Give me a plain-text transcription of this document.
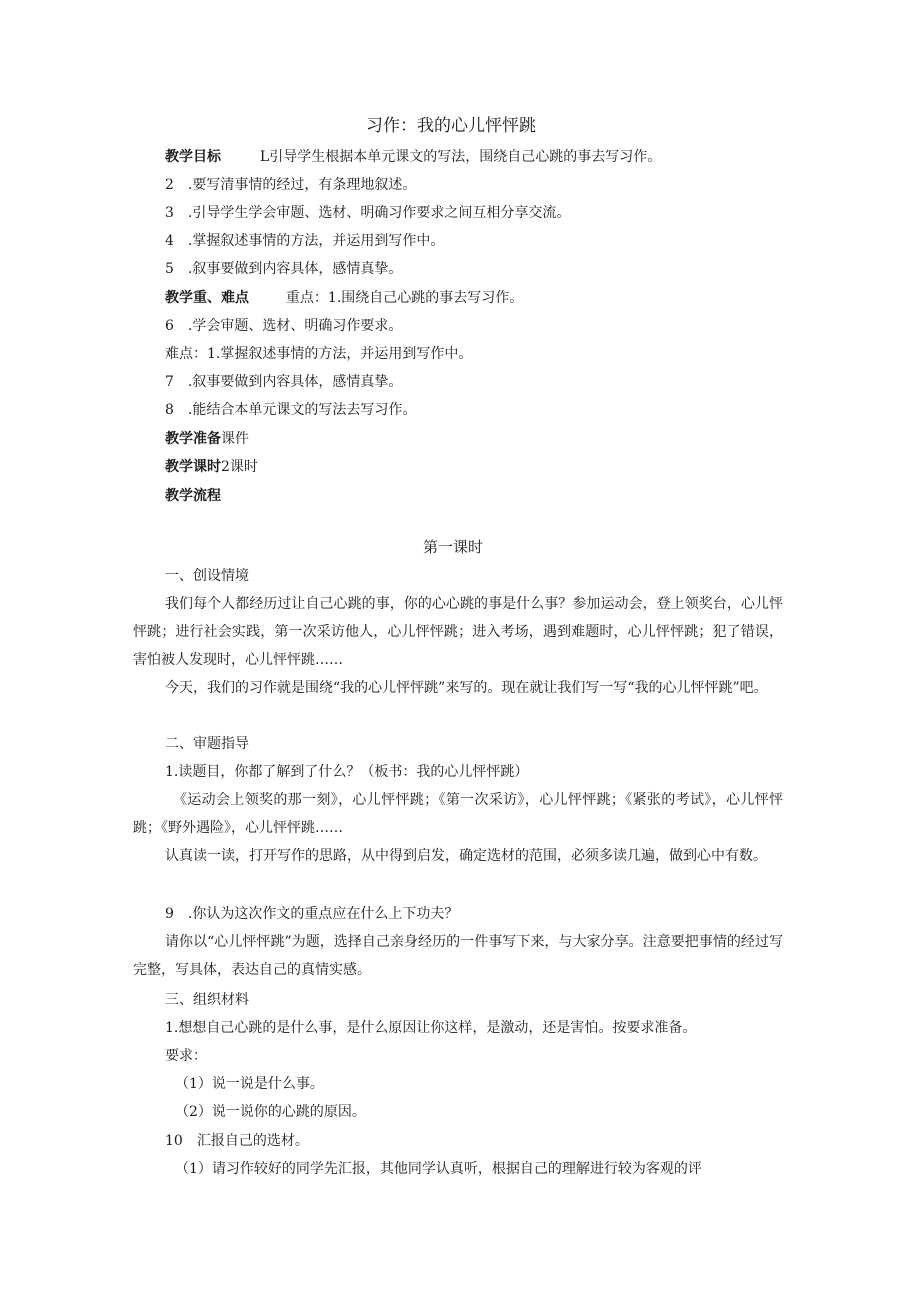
习作：我的心儿怦怦跳
教学目标	L引导学生根据本单元课文的写法，围绕自己心跳的事去写习作。
2　.要写清事情的经过，有条理地叙述。
3　.引导学生学会审题、选材、明确习作要求之间互相分享交流。
4　.掌握叙述事情的方法，并运用到写作中。
5　.叙事要做到内容具体，感情真挚。
教学重、难点	重点：1.围绕自己心跳的事去写习作。
6　.学会审题、选材、明确习作要求。
难点：1.掌握叙述事情的方法，并运用到写作中。
7　.叙事要做到内容具体，感情真挚。
8　.能结合本单元课文的写法去写习作。
教学准备课件
教学课时2课时
教学流程
第一课时
一、创设情境
我们每个人都经历过让自己心跳的事，你的心心跳的事是什么事？参加运动会，登上领奖台，心儿怦怦跳；进行社会实践，第一次采访他人，心儿怦怦跳；进入考场，遇到难题时，心儿怦怦跳；犯了错误，害怕被人发现时，心儿怦怦跳……
今天，我们的习作就是围绕“我的心儿怦怦跳”来写的。现在就让我们写一写“我的心儿怦怦跳”吧。
二、审题指导
1.读题目，你都了解到了什么？（板书：我的心儿怦怦跳）
《运动会上领奖的那一刻》，心儿怦怦跳；《第一次采访》，心儿怦怦跳；《紧张的考试》，心儿怦怦跳；《野外遇险》，心儿怦怦跳……
认真读一读，打开写作的思路，从中得到启发，确定选材的范围，必须多读几遍，做到心中有数。
9　.你认为这次作文的重点应在什么上下功夫？
请你以“心儿怦怦跳”为题，选择自己亲身经历的一件事写下来，与大家分享。注意要把事情的经过写完整，写具体，表达自己的真情实感。
三、组织材料
1.想想自己心跳的是什么事，是什么原因让你这样，是激动，还是害怕。按要求准备。
要求：
（1）说一说是什么事。
（2）说一说你的心跳的原因。
10　汇报自己的选材。
（1）请习作较好的同学先汇报，其他同学认真听，根据自己的理解进行较为客观的评
